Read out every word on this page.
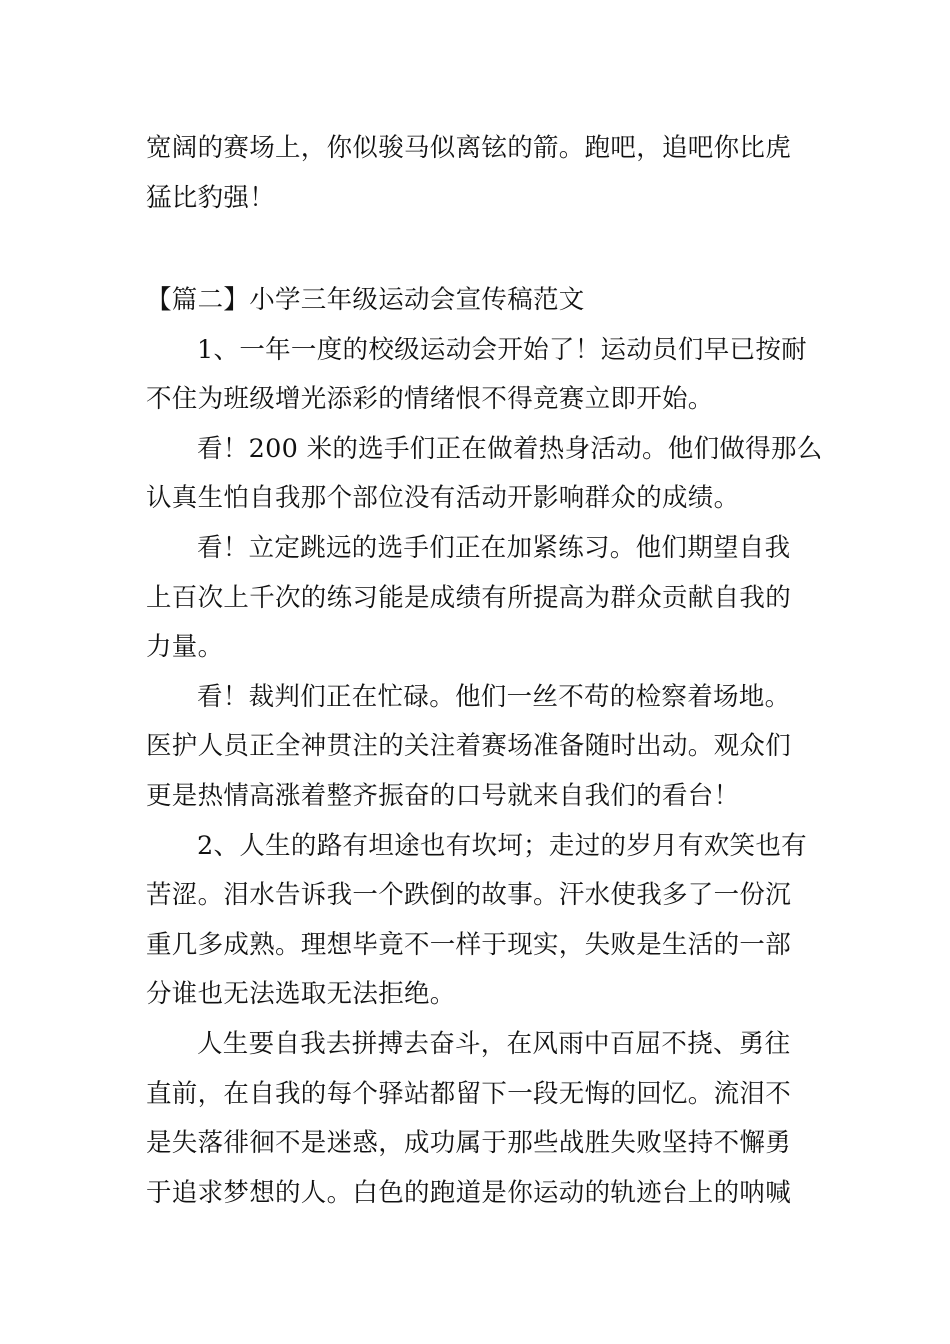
宽阔的赛场上，你似骏马似离铉的箭。跑吧，追吧你比虎
猛比豹强！
【篇二】小学三年级运动会宣传稿范文
1、一年一度的校级运动会开始了！运动员们早已按耐
不住为班级增光添彩的情绪恨不得竞赛立即开始。
看！200 米的选手们正在做着热身活动。他们做得那么
认真生怕自我那个部位没有活动开影响群众的成绩。
看！立定跳远的选手们正在加紧练习。他们期望自我
上百次上千次的练习能是成绩有所提高为群众贡献自我的
力量。
看！裁判们正在忙碌。他们一丝不苟的检察着场地。
医护人员正全神贯注的关注着赛场准备随时出动。观众们
更是热情高涨着整齐振奋的口号就来自我们的看台！
2、人生的路有坦途也有坎坷；走过的岁月有欢笑也有
苦涩。泪水告诉我一个跌倒的故事。汗水使我多了一份沉
重几多成熟。理想毕竟不一样于现实，失败是生活的一部
分谁也无法选取无法拒绝。
人生要自我去拼搏去奋斗，在风雨中百屈不挠、勇往
直前，在自我的每个驿站都留下一段无悔的回忆。流泪不
是失落徘徊不是迷惑，成功属于那些战胜失败坚持不懈勇
于追求梦想的人。白色的跑道是你运动的轨迹台上的呐喊
